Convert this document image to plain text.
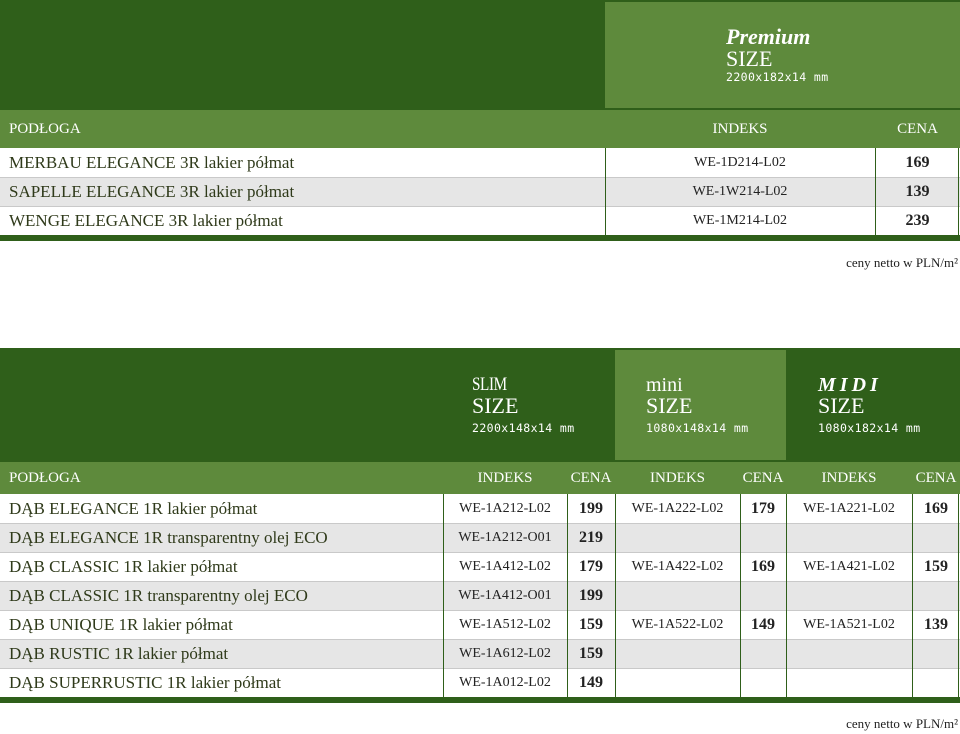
Premium
SIZE
2200x182x14 mm
PODŁOGA	INDEKS	CENA
MERBAU ELEGANCE 3R lakier półmat	WE-1D214-L02	169
SAPELLE ELEGANCE 3R lakier półmat	WE-1W214-L02	139
WENGE ELEGANCE 3R lakier półmat	WE-1M214-L02	239
ceny netto w PLN/m²
SLIM
SIZE
2200x148x14 mm
mini
SIZE
1080x148x14 mm
MIDI
SIZE
1080x182x14 mm
PODŁOGA	INDEKS	CENA	INDEKS	CENA	INDEKS	CENA
DĄB ELEGANCE 1R lakier półmat	WE-1A212-L02	199	WE-1A222-L02	179	WE-1A221-L02	169
DĄB ELEGANCE 1R transparentny olej ECO	WE-1A212-O01	219
DĄB CLASSIC 1R lakier półmat	WE-1A412-L02	179	WE-1A422-L02	169	WE-1A421-L02	159
DĄB CLASSIC 1R transparentny olej ECO	WE-1A412-O01	199
DĄB UNIQUE 1R lakier półmat	WE-1A512-L02	159	WE-1A522-L02	149	WE-1A521-L02	139
DĄB RUSTIC 1R lakier półmat	WE-1A612-L02	159
DĄB SUPERRUSTIC 1R lakier półmat	WE-1A012-L02	149
ceny netto w PLN/m²
